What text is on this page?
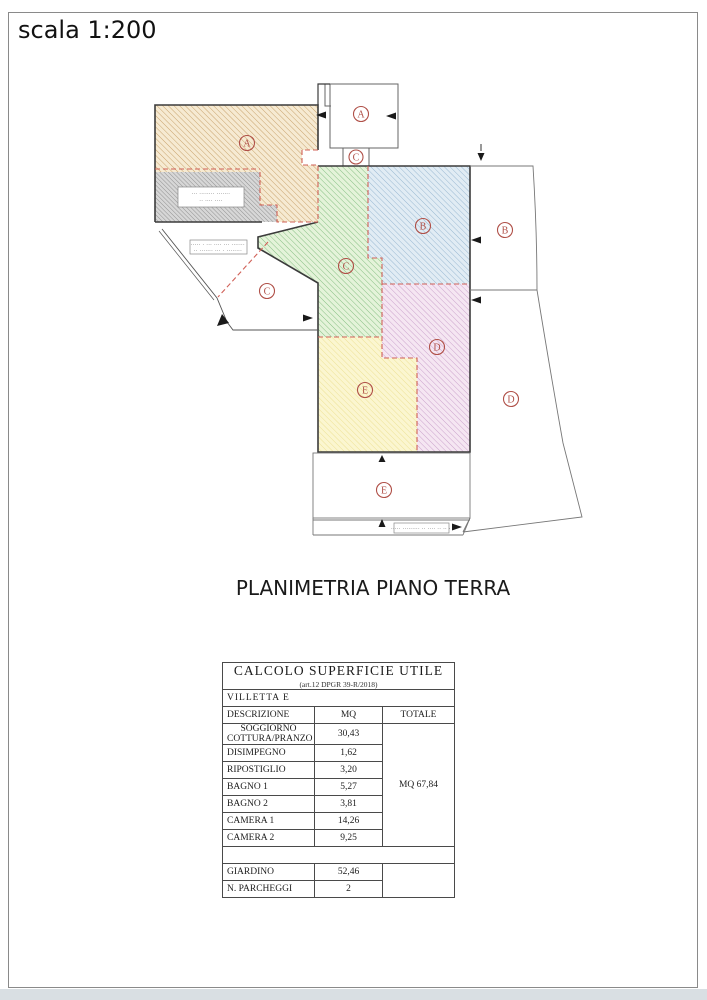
scala 1:200
A
A
C
B	B
C
C
D
D
E
E
··· ········ ·······
·· ···· ····
····· · ··· ···· ··· ·······
·· ······· ··· · ········
····· ········· ·· ···· ·· ·· ·
PLANIMETRIA PIANO TERRA
CALCOLO SUPERFICIE UTILE
(art.12 DPGR 39-R/2018)		

VILLETTA E		
DESCRIZIONE	MQ	TOTALE
SOGGIORNO COTTURA/PRANZO	30,43	MQ 67,84
DISIMPEGNO	1,62	
RIPOSTIGLIO	3,20	
BAGNO 1	5,27	
BAGNO 2	3,81	
CAMERA 1	14,26	
CAMERA 2	9,25	

GIARDINO	52,46	
N. PARCHEGGI	2	
